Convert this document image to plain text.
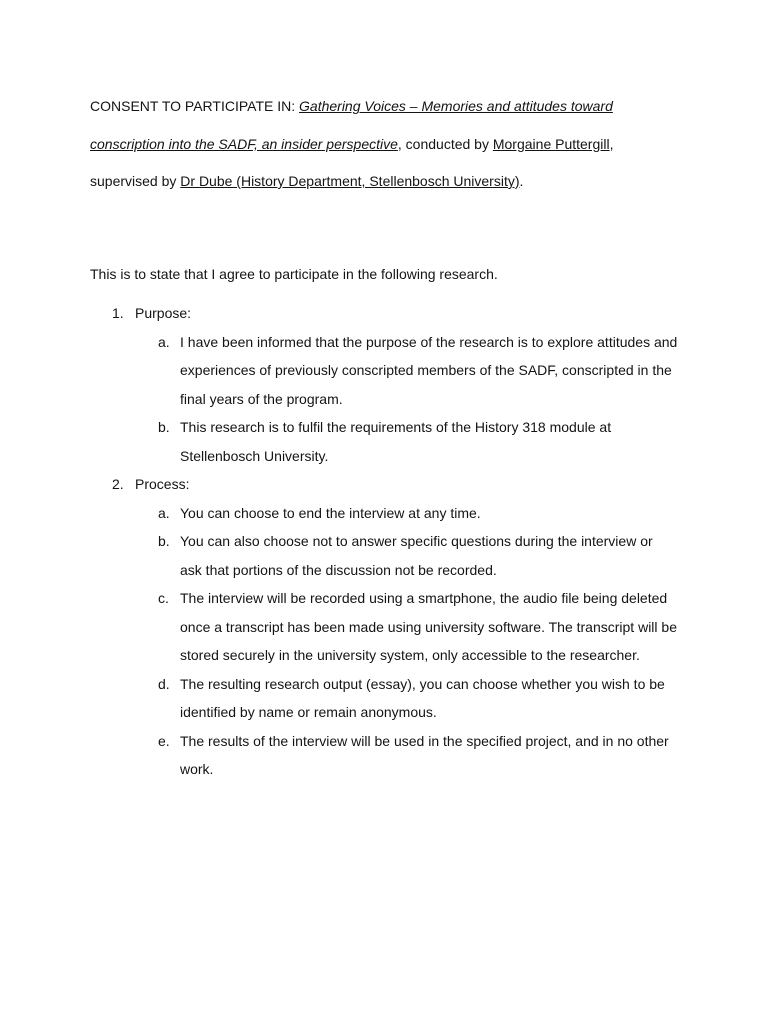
CONSENT TO PARTICIPATE IN: Gathering Voices – Memories and attitudes toward conscription into the SADF, an insider perspective, conducted by Morgaine Puttergill, supervised by Dr Dube (History Department, Stellenbosch University).
This is to state that I agree to participate in the following research.
1. Purpose:
a. I have been informed that the purpose of the research is to explore attitudes and experiences of previously conscripted members of the SADF, conscripted in the final years of the program.
b. This research is to fulfil the requirements of the History 318 module at Stellenbosch University.
2. Process:
a. You can choose to end the interview at any time.
b. You can also choose not to answer specific questions during the interview or ask that portions of the discussion not be recorded.
c. The interview will be recorded using a smartphone, the audio file being deleted once a transcript has been made using university software. The transcript will be stored securely in the university system, only accessible to the researcher.
d. The resulting research output (essay), you can choose whether you wish to be identified by name or remain anonymous.
e. The results of the interview will be used in the specified project, and in no other work.
